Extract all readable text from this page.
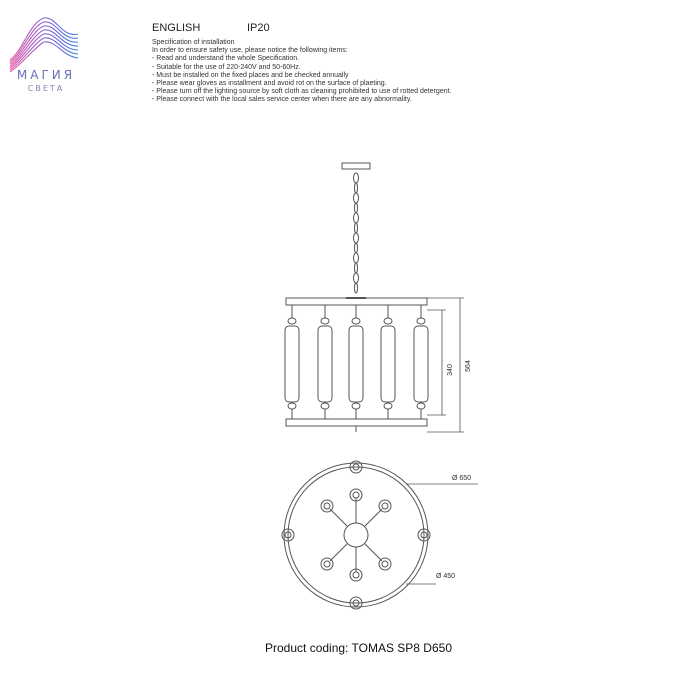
МАГИЯ
СВЕТА
ENGLISH	IP20
Specification of installation
In order to ensure safety use, please notice the following items:
- Read and understand the whole Specification.
- Suitable for the use of 220-240V and 50-60Hz.
- Must be installed on the fixed places and be checked annually
- Please wear gloves as installment and avoid rot on the surface of plaeting.
- Please turn off the lighting source by soft cloth as cleaning prohibited to use of rotted detergent.
- Please connect with the local sales service center when there are any abnormality.
340 564
Ø 650
Ø 450
Product coding: TOMAS SP8 D650
